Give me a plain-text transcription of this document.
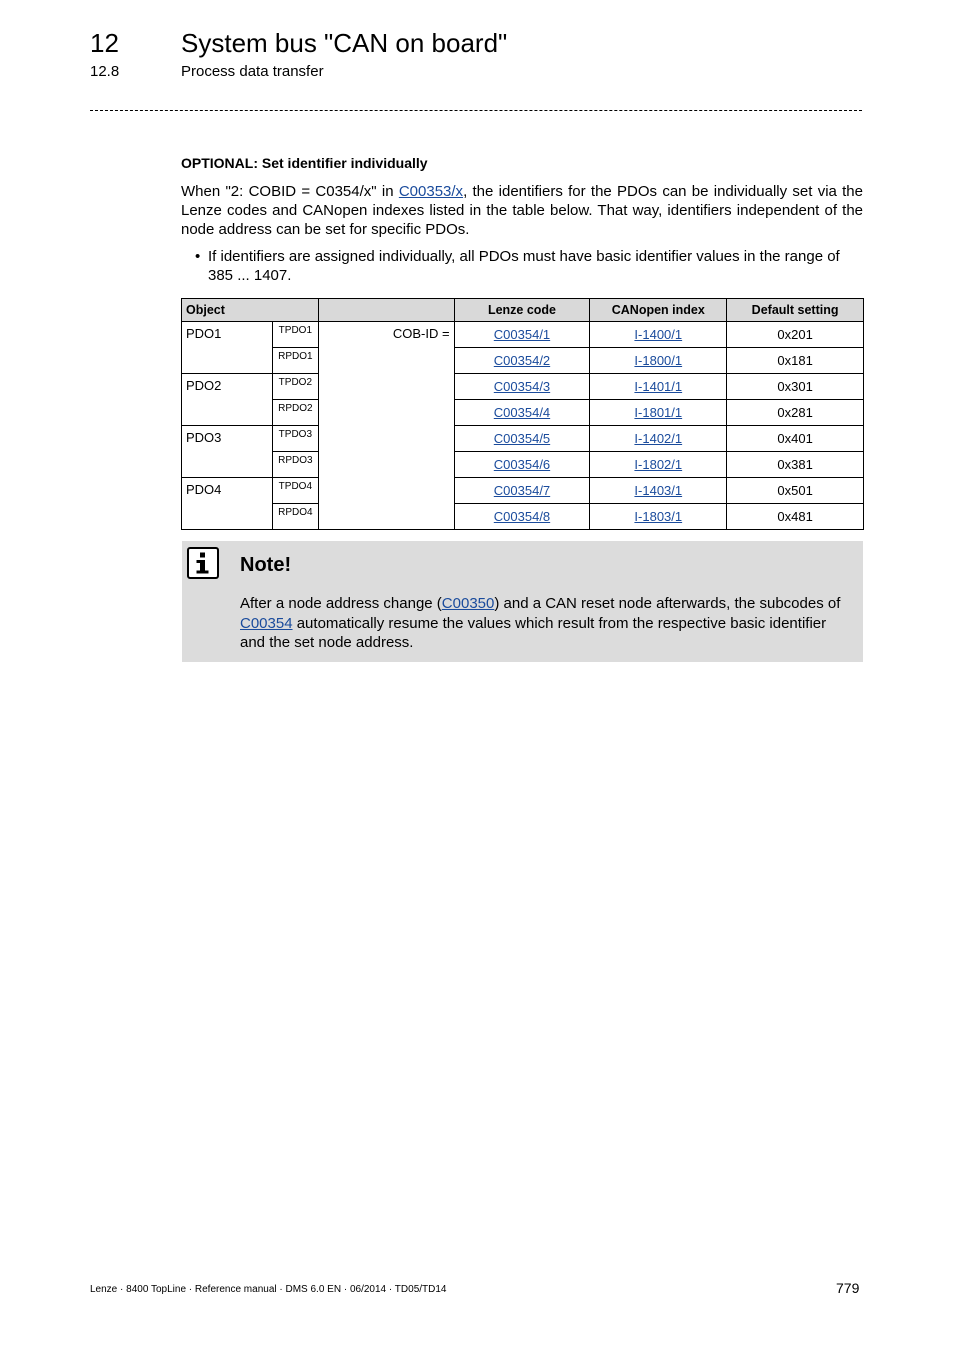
12 System bus "CAN on board"
12.8	Process data transfer
OPTIONAL: Set identifier individually
When "2: COBID = C0354/x" in C00353/x, the identifiers for the PDOs can be individually set via the Lenze codes and CANopen indexes listed in the table below. That way, identifiers independent of the node address can be set for specific PDOs.
• If identifiers are assigned individually, all PDOs must have basic identifier values in the range of 385 ... 1407.
Object			Lenze code	CANopen index	Default setting
PDO1	TPDO1	COB-ID =	C00354/1	I-1400/1	0x201
	RPDO1		C00354/2	I-1800/1	0x181
PDO2	TPDO2		C00354/3	I-1401/1	0x301
	RPDO2		C00354/4	I-1801/1	0x281
PDO3	TPDO3		C00354/5	I-1402/1	0x401
	RPDO3		C00354/6	I-1802/1	0x381
PDO4	TPDO4		C00354/7	I-1403/1	0x501
	RPDO4		C00354/8	I-1803/1	0x481
Note!
After a node address change (C00350) and a CAN reset node afterwards, the subcodes of C00354 automatically resume the values which result from the respective basic identifier and the set node address.
Lenze · 8400 TopLine · Reference manual · DMS 6.0 EN · 06/2014 · TD05/TD14	779
